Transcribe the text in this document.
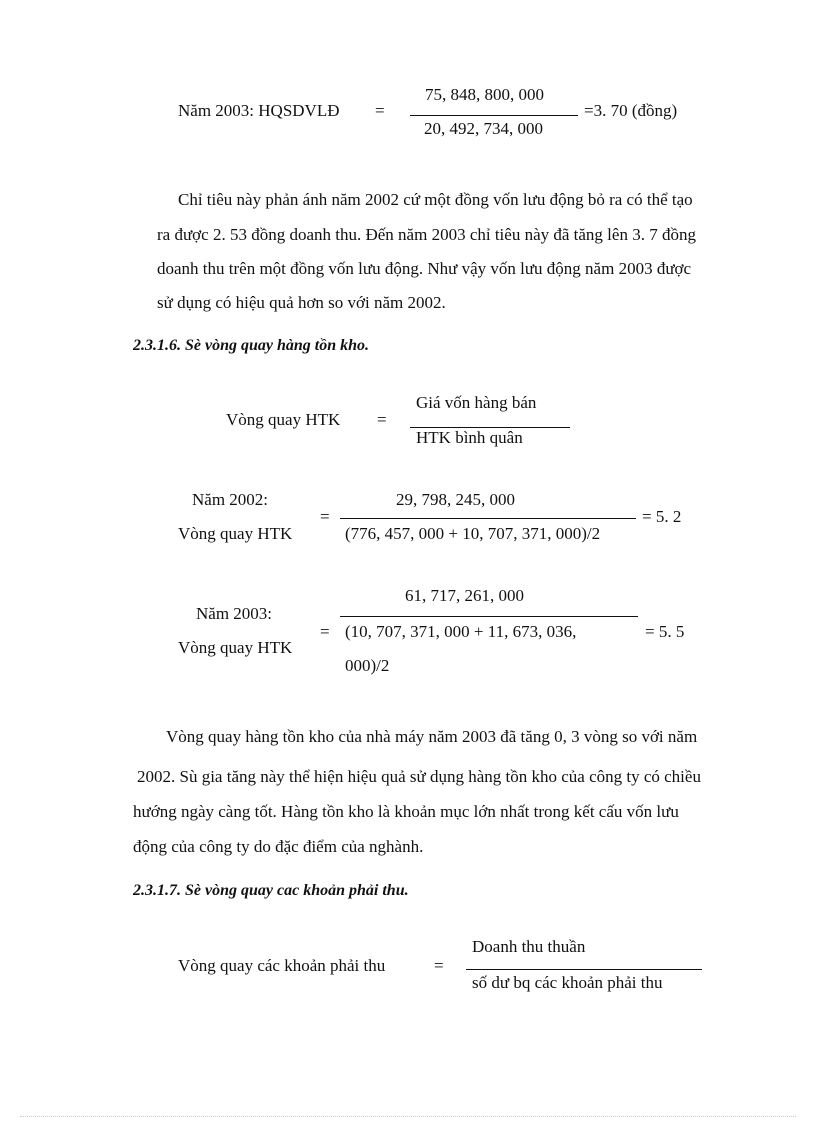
Năm 2003: HQSDVLĐ =
75, 848, 800, 000
20, 492, 734, 000
=3. 70 (đồng)
Chỉ tiêu này phản ánh năm 2002 cứ một đồng vốn lưu động bỏ ra có thể tạo
ra được 2. 53 đồng doanh thu. Đến năm 2003 chỉ tiêu này đã tăng lên 3. 7 đồng
doanh thu trên một đồng vốn lưu động. Như vậy vốn lưu động năm 2003 được
sử dụng có hiệu quả hơn so với năm 2002.
2.3.1.6. Sè vòng quay hàng tồn kho.
Vòng quay HTK =
Giá vốn hàng bán
HTK bình quân
Năm 2002:
Vòng quay HTK
=
29, 798, 245, 000
(776, 457, 000 + 10, 707, 371, 000)/2
= 5. 2
Năm 2003:
Vòng quay HTK
61, 717, 261, 000
= (10, 707, 371, 000 + 11, 673, 036,
000)/2
= 5. 5
Vòng quay hàng tồn kho của nhà máy năm 2003 đã tăng 0, 3 vòng so với năm
2002. Sù gia tăng này thể hiện hiệu quả sử dụng hàng tồn kho của công ty có chiều
hướng ngày càng tốt. Hàng tồn kho là khoản mục lớn nhất trong kết cấu vốn lưu
động của công ty do đặc điểm của nghành.
2.3.1.7. Sè vòng quay cac khoản phải thu.
Vòng quay các khoản phải thu	=
Doanh thu thuần
số dư bq các khoản phải thu
